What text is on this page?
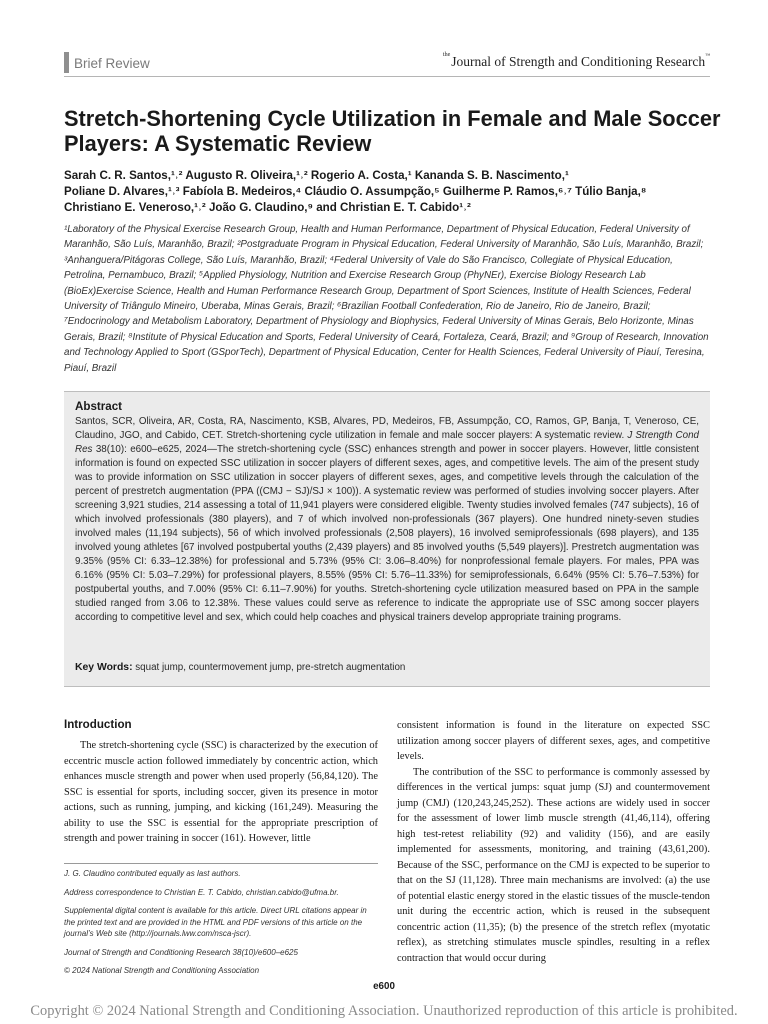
Brief Review
$^{the}$Journal of Strength and Conditioning Research™
Stretch-Shortening Cycle Utilization in Female and Male Soccer Players: A Systematic Review
Sarah C. R. Santos,¹˒² Augusto R. Oliveira,¹˒² Rogerio A. Costa,¹ Kananda S. B. Nascimento,¹
Poliane D. Alvares,¹˒³ Fabíola B. Medeiros,⁴ Cláudio O. Assumpção,⁵ Guilherme P. Ramos,⁶˒⁷ Túlio Banja,⁸
Christiano E. Veneroso,¹˒² João G. Claudino,⁹ and Christian E. T. Cabido¹˒²
¹Laboratory of the Physical Exercise Research Group, Health and Human Performance, Department of Physical Education, Federal University of Maranhão, São Luís, Maranhão, Brazil; ²Postgraduate Program in Physical Education, Federal University of Maranhão, São Luís, Maranhão, Brazil; ³Anhanguera/Pitágoras College, São Luís, Maranhão, Brazil; ⁴Federal University of Vale do São Francisco, Collegiate of Physical Education, Petrolina, Pernambuco, Brazil; ⁵Applied Physiology, Nutrition and Exercise Research Group (PhyNEr), Exercise Biology Research Lab (BioEx)Exercise Science, Health and Human Performance Research Group, Department of Sport Sciences, Institute of Health Sciences, Federal University of Triângulo Mineiro, Uberaba, Minas Gerais, Brazil; ⁶Brazilian Football Confederation, Rio de Janeiro, Rio de Janeiro, Brazil; ⁷Endocrinology and Metabolism Laboratory, Department of Physiology and Biophysics, Federal University of Minas Gerais, Belo Horizonte, Minas Gerais, Brazil; ⁸Institute of Physical Education and Sports, Federal University of Ceará, Fortaleza, Ceará, Brazil; and ⁹Group of Research, Innovation and Technology Applied to Sport (GSporTech), Department of Physical Education, Center for Health Sciences, Federal University of Piauí, Teresina, Piauí, Brazil
Abstract
Santos, SCR, Oliveira, AR, Costa, RA, Nascimento, KSB, Alvares, PD, Medeiros, FB, Assumpção, CO, Ramos, GP, Banja, T, Veneroso, CE, Claudino, JGO, and Cabido, CET. Stretch-shortening cycle utilization in female and male soccer players: A systematic review. J Strength Cond Res 38(10): e600–e625, 2024—The stretch-shortening cycle (SSC) enhances strength and power in soccer players. However, little consistent information is found on expected SSC utilization in soccer players of different sexes, ages, and competitive levels. The aim of the present study was to provide information on SSC utilization in soccer players of different sexes, ages, and competitive levels through the calculation of the percent of prestretch augmentation (PPA ((CMJ − SJ)/SJ × 100)). A systematic review was performed of studies involving soccer players. After screening 3,921 studies, 214 assessing a total of 11,941 players were considered eligible. Twenty studies involved females (747 subjects), 16 of which involved professionals (380 players), and 7 of which involved non-professionals (367 players). One hundred ninety-seven studies involved males (11,194 subjects), 56 of which involved professionals (2,508 players), 16 involved semiprofessionals (698 players), and 135 involved young athletes [67 involved postpubertal youths (2,439 players) and 85 involved youths (5,549 players)]. Prestretch augmentation was 9.35% (95% CI: 6.33–12.38%) for professional and 5.73% (95% CI: 3.06–8.40%) for nonprofessional female players. For males, PPA was 6.16% (95% CI: 5.03–7.29%) for professional players, 8.55% (95% CI: 5.76–11.33%) for semiprofessionals, 6.64% (95% CI: 5.76–7.53%) for postpubertal youths, and 7.00% (95% CI: 6.11–7.90%) for youths. Stretch-shortening cycle utilization measured based on PPA in the sample studied ranged from 3.06 to 12.38%. These values could serve as reference to indicate the appropriate use of SSC among soccer players according to competitive level and sex, which could help coaches and physical trainers develop appropriate training programs.
Key Words: squat jump, countermovement jump, pre-stretch augmentation
Introduction

The stretch-shortening cycle (SSC) is characterized by the execution of eccentric muscle action followed immediately by concentric action, which enhances muscle strength and power when used properly (56,84,120). The SSC is essential for sports, including soccer, given its presence in motor actions, such as running, jumping, and kicking (161,249). Measuring the ability to use the SSC is essential for the appropriate prescription of strength and power training in soccer (161). However, little

J. G. Claudino contributed equally as last authors.

Address correspondence to Christian E. T. Cabido, christian.cabido@ufma.br.

Supplemental digital content is available for this article. Direct URL citations appear in the printed text and are provided in the HTML and PDF versions of this article on the journal’s Web site (http://journals.lww.com/nsca-jscr).

Journal of Strength and Conditioning Research 38(10)/e600–e625

© 2024 National Strength and Conditioning Association

consistent information is found in the literature on expected SSC utilization among soccer players of different sexes, ages, and competitive levels.

The contribution of the SSC to performance is commonly assessed by differences in the vertical jumps: squat jump (SJ) and countermovement jump (CMJ) (120,243,245,252). These actions are widely used in soccer for the assessment of lower limb muscle strength (41,46,114), offering high test-retest reliability (92) and validity (156), and are easily implemented for assessments, monitoring, and training (43,61,200). Because of the SSC, performance on the CMJ is expected to be superior to that on the SJ (11,128). Three main mechanisms are involved: (a) the use of potential elastic energy stored in the elastic tissues of the muscle-tendon unit during the eccentric action, which is reused in the subsequent concentric action (11,35); (b) the presence of the stretch reflex (myotatic reflex), as stretching stimulates muscle spindles, resulting in a reflex contraction that would occur during

e600
Copyright © 2024 National Strength and Conditioning Association. Unauthorized reproduction of this article is prohibited.
